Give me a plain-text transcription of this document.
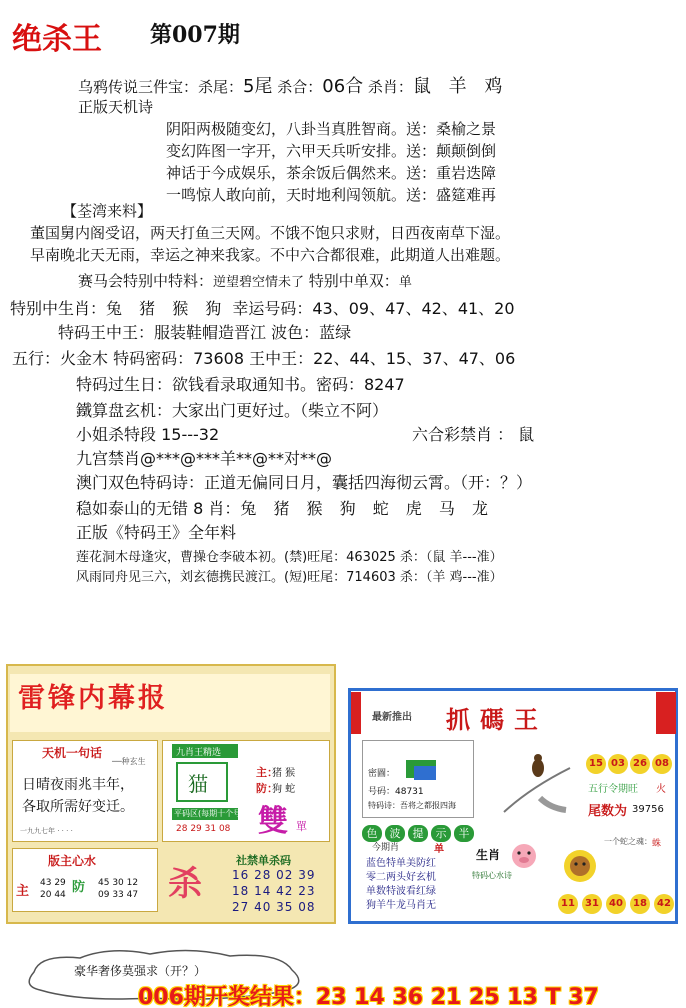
绝杀王 第007期
乌鸦传说三件宝：杀尾：5尾 杀合：06合 杀肖：鼠 羊 鸡
正版天机诗
阴阳两极随变幻，八卦当真胜智商。送：桑榆之景
变幻阵图一字开，六甲天兵听安排。送：颠颠倒倒
神话于今成娱乐，茶余饭后偶然来。送：重岩迭障
一鸣惊人敢向前，天时地利闯领航。送：盛筵难再
【荃湾来料】
董国舅内阁受诏，两天打鱼三天网。不饿不饱只求财，日西夜南草下湿。
早南晚北天无雨，幸运之神来我家。不中六合都很难，此期道人出难题。
赛马会特别中特料：逆望碧空情未了 特别中单双：单
特别中生肖：兔 猪 猴 狗 幸运号码：43、09、47、42、41、20
特码王中王：服装鞋帽造晋江 波色：蓝绿
五行：火金木 特码密码：73608 王中王：22、44、15、37、47、06
特码过生日：欲钱看录取通知书。密码：8247
鐵算盘玄机：大家出门更好过。（柴立不阿）
小姐杀特段 15---32	六合彩禁肖 ： 鼠
九宫禁肖@***@***羊**@**对**@
澳门双色特码诗：正道无偏同日月，囊括四海彻云霄。（开：？）
稳如泰山的无错 8 肖：兔 猪 猴 狗 蛇 虎 马 龙
正版《特码王》全年料
莲花洞木母逢灾，曹操仓李破本初。(禁)旺尾：463025 杀：（鼠 羊---准）
风雨同舟见三六，刘玄德携民渡江。(短)旺尾：714603 杀：（羊 鸡---准）
雷锋内幕报
天机一句话
──种玄生
日晴夜雨兆丰年，
各取所需好变迁。
一九九七年 · · · ·
九肖王精选
猫	主：
猪 猴
防：
狗 蛇
平码区(每期十个号)
28 29 31 08 雙 單
版主心水
主
43 29
20 44 防 45 30 12
09 33 47 杀
社禁单杀码
16 28 02 39
18 14 42 23
27 40 35 08
最新推出 抓碼王
密圖：
号码：48731
特码诗：吾将之都报四海
15 03 26 08
五行令期旺 火
尾数为 39756
色 波 提 示 半
今期肖	单
蓝色特单美防红
零二两头好玄机
单数特波看红绿
狗羊牛龙马肖无
生肖
特码心水诗
一个蛇之魂： 蛛
11	31	40	18	42
豪华奢侈莫强求（开？）
006期开奖结果：23 14 36 21 25 13 T 37
